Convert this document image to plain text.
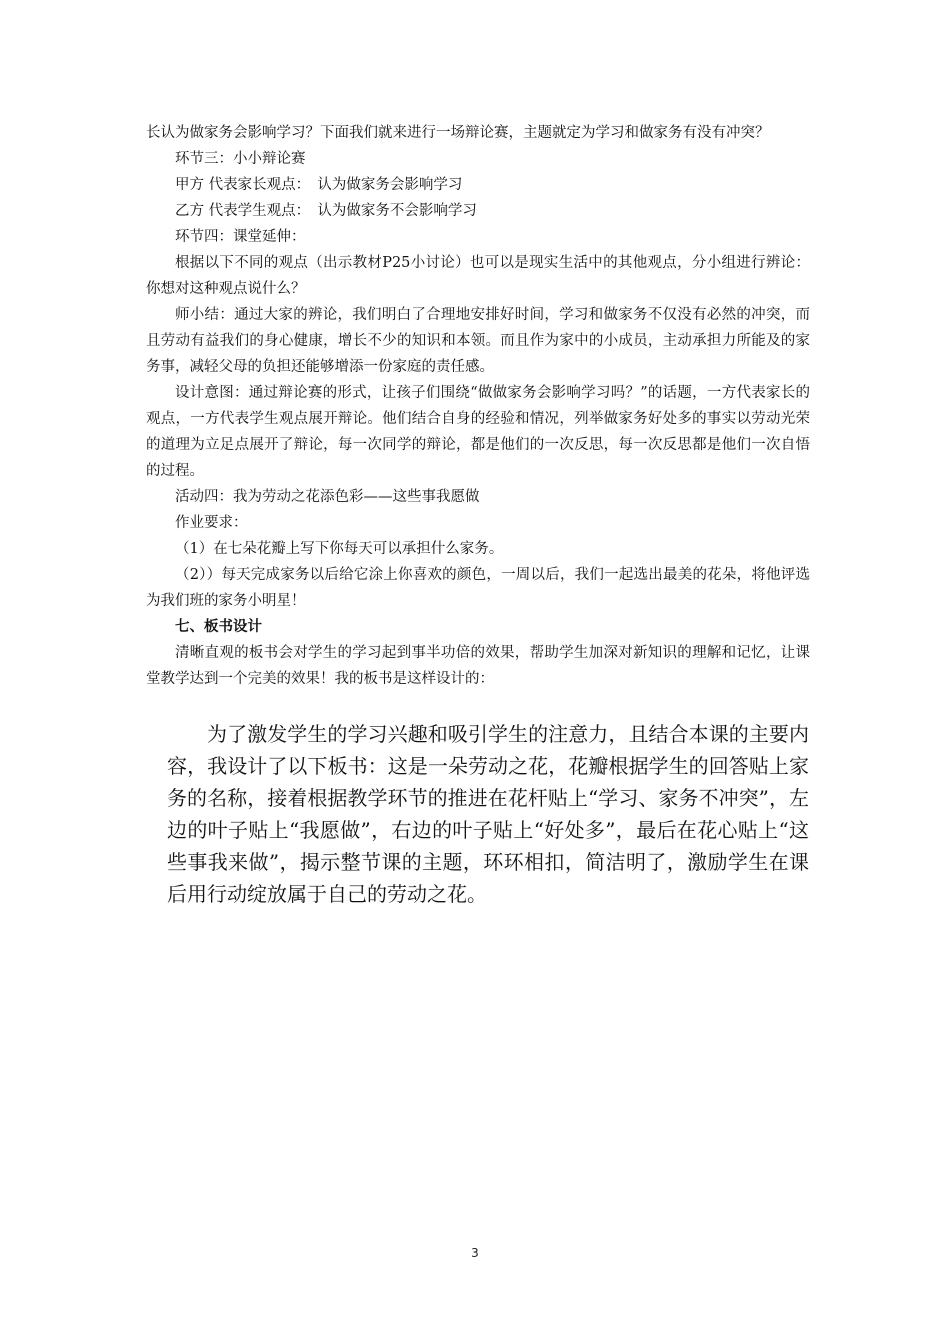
长认为做家务会影响学习？下面我们就来进行一场辩论赛，主题就定为学习和做家务有没有冲突？

环节三：小小辩论赛

甲方 代表家长观点：　认为做家务会影响学习

乙方 代表学生观点：　认为做家务不会影响学习

环节四：课堂延伸：

根据以下不同的观点（出示教材P25小讨论）也可以是现实生活中的其他观点，分小组进行辨论：你想对这种观点说什么？

师小结：通过大家的辨论，我们明白了合理地安排好时间，学习和做家务不仅没有必然的冲突，而且劳动有益我们的身心健康，增长不少的知识和本领。而且作为家中的小成员，主动承担力所能及的家务事，减轻父母的负担还能够增添一份家庭的责任感。

设计意图：通过辩论赛的形式，让孩子们围绕“做做家务会影响学习吗？”的话题，一方代表家长的观点，一方代表学生观点展开辩论。他们结合自身的经验和情况，列举做家务好处多的事实以劳动光荣的道理为立足点展开了辩论，每一次同学的辩论，都是他们的一次反思，每一次反思都是他们一次自悟的过程。

活动四：我为劳动之花添色彩——这些事我愿做

作业要求：

（1）在七朵花瓣上写下你每天可以承担什么家务。

（2））每天完成家务以后给它涂上你喜欢的颜色，一周以后，我们一起选出最美的花朵，将他评选为我们班的家务小明星！

七、板书设计

清晰直观的板书会对学生的学习起到事半功倍的效果，帮助学生加深对新知识的理解和记忆，让课堂教学达到一个完美的效果！我的板书是这样设计的：

为了激发学生的学习兴趣和吸引学生的注意力，且结合本课的主要内容，我设计了以下板书：这是一朵劳动之花，花瓣根据学生的回答贴上家务的名称，接着根据教学环节的推进在花杆贴上“学习、家务不冲突”，左边的叶子贴上“我愿做”，右边的叶子贴上“好处多”，最后在花心贴上“这些事我来做”，揭示整节课的主题，环环相扣，简洁明了，激励学生在课后用行动绽放属于自己的劳动之花。

3
